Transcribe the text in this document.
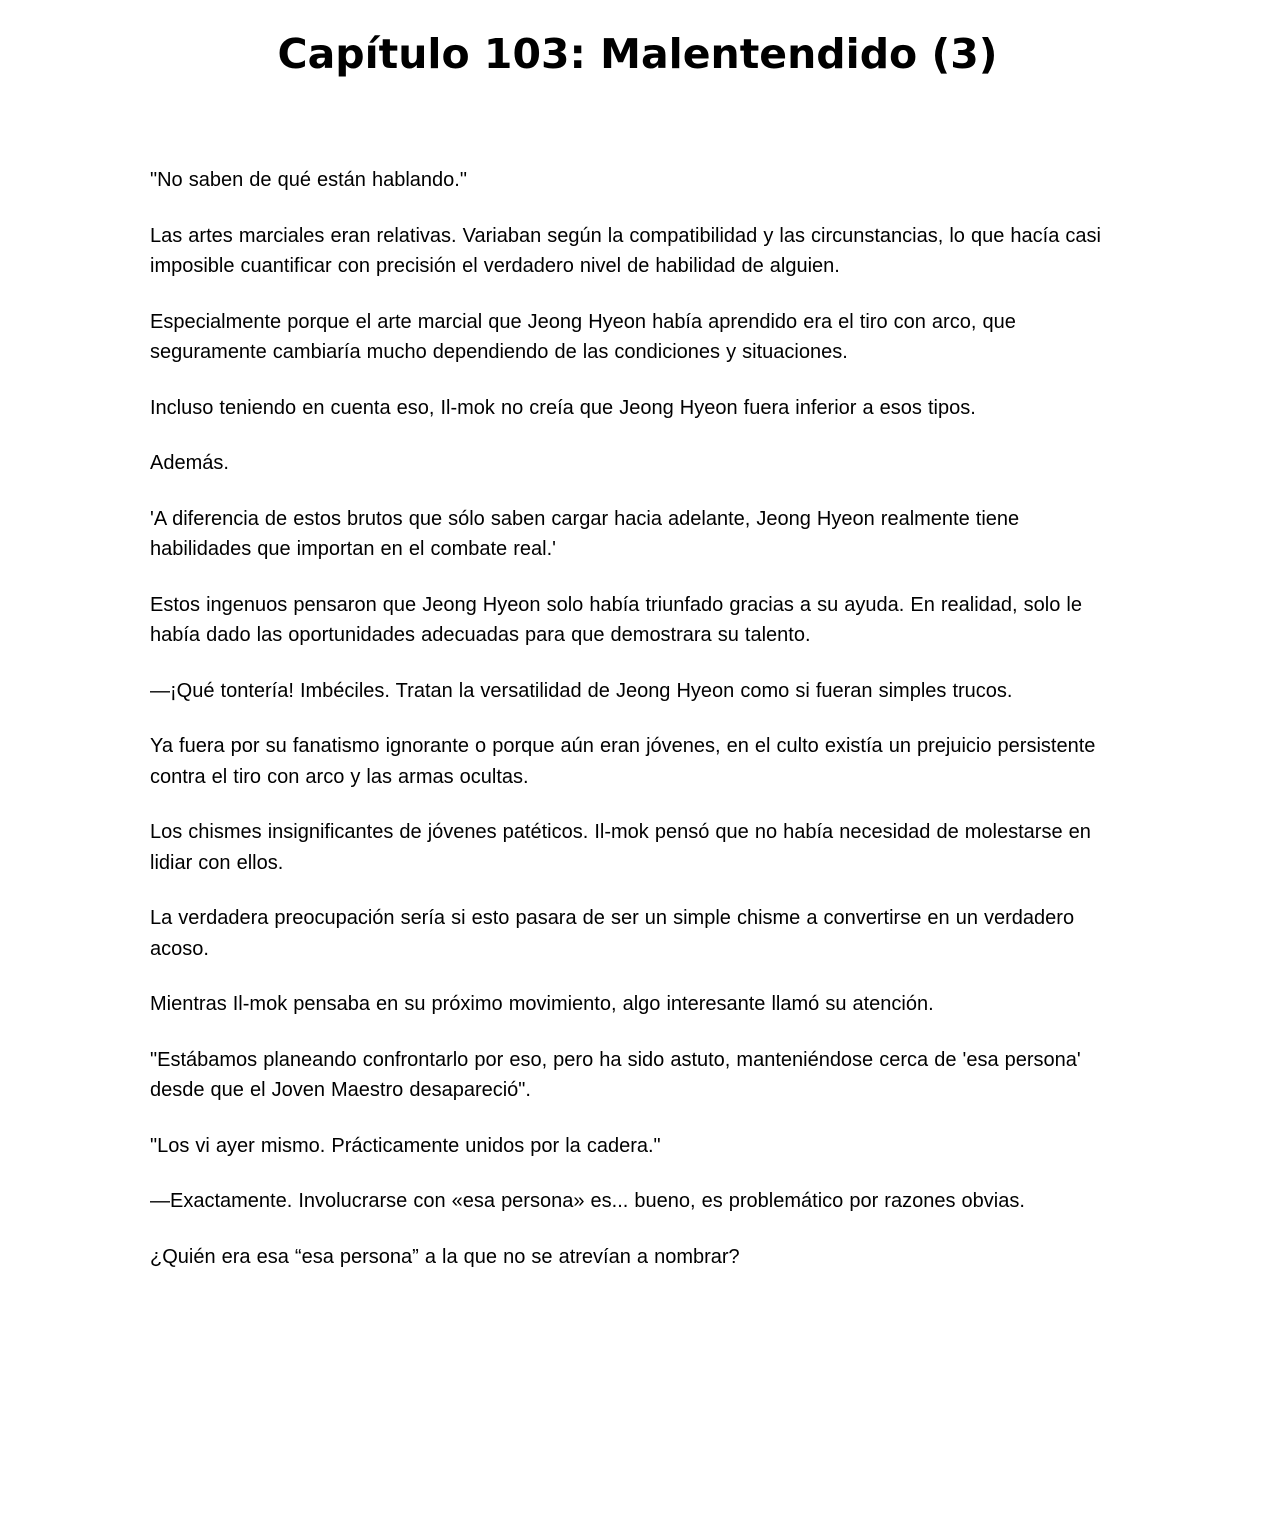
Capítulo 103: Malentendido (3)

"No saben de qué están hablando."

Las artes marciales eran relativas. Variaban según la compatibilidad y las circunstancias, lo que hacía casi imposible cuantificar con precisión el verdadero nivel de habilidad de alguien.

Especialmente porque el arte marcial que Jeong Hyeon había aprendido era el tiro con arco, que seguramente cambiaría mucho dependiendo de las condiciones y situaciones.

Incluso teniendo en cuenta eso, Il-mok no creía que Jeong Hyeon fuera inferior a esos tipos.

Además.

'A diferencia de estos brutos que sólo saben cargar hacia adelante, Jeong Hyeon realmente tiene habilidades que importan en el combate real.'

Estos ingenuos pensaron que Jeong Hyeon solo había triunfado gracias a su ayuda. En realidad, solo le había dado las oportunidades adecuadas para que demostrara su talento.

—¡Qué tontería! Imbéciles. Tratan la versatilidad de Jeong Hyeon como si fueran simples trucos.

Ya fuera por su fanatismo ignorante o porque aún eran jóvenes, en el culto existía un prejuicio persistente contra el tiro con arco y las armas ocultas.

Los chismes insignificantes de jóvenes patéticos. Il-mok pensó que no había necesidad de molestarse en lidiar con ellos.

La verdadera preocupación sería si esto pasara de ser un simple chisme a convertirse en un verdadero acoso.

Mientras Il-mok pensaba en su próximo movimiento, algo interesante llamó su atención.

"Estábamos planeando confrontarlo por eso, pero ha sido astuto, manteniéndose cerca de 'esa persona' desde que el Joven Maestro desapareció".

"Los vi ayer mismo. Prácticamente unidos por la cadera."

—Exactamente. Involucrarse con «esa persona» es... bueno, es problemático por razones obvias.

¿Quién era esa “esa persona” a la que no se atrevían a nombrar?
